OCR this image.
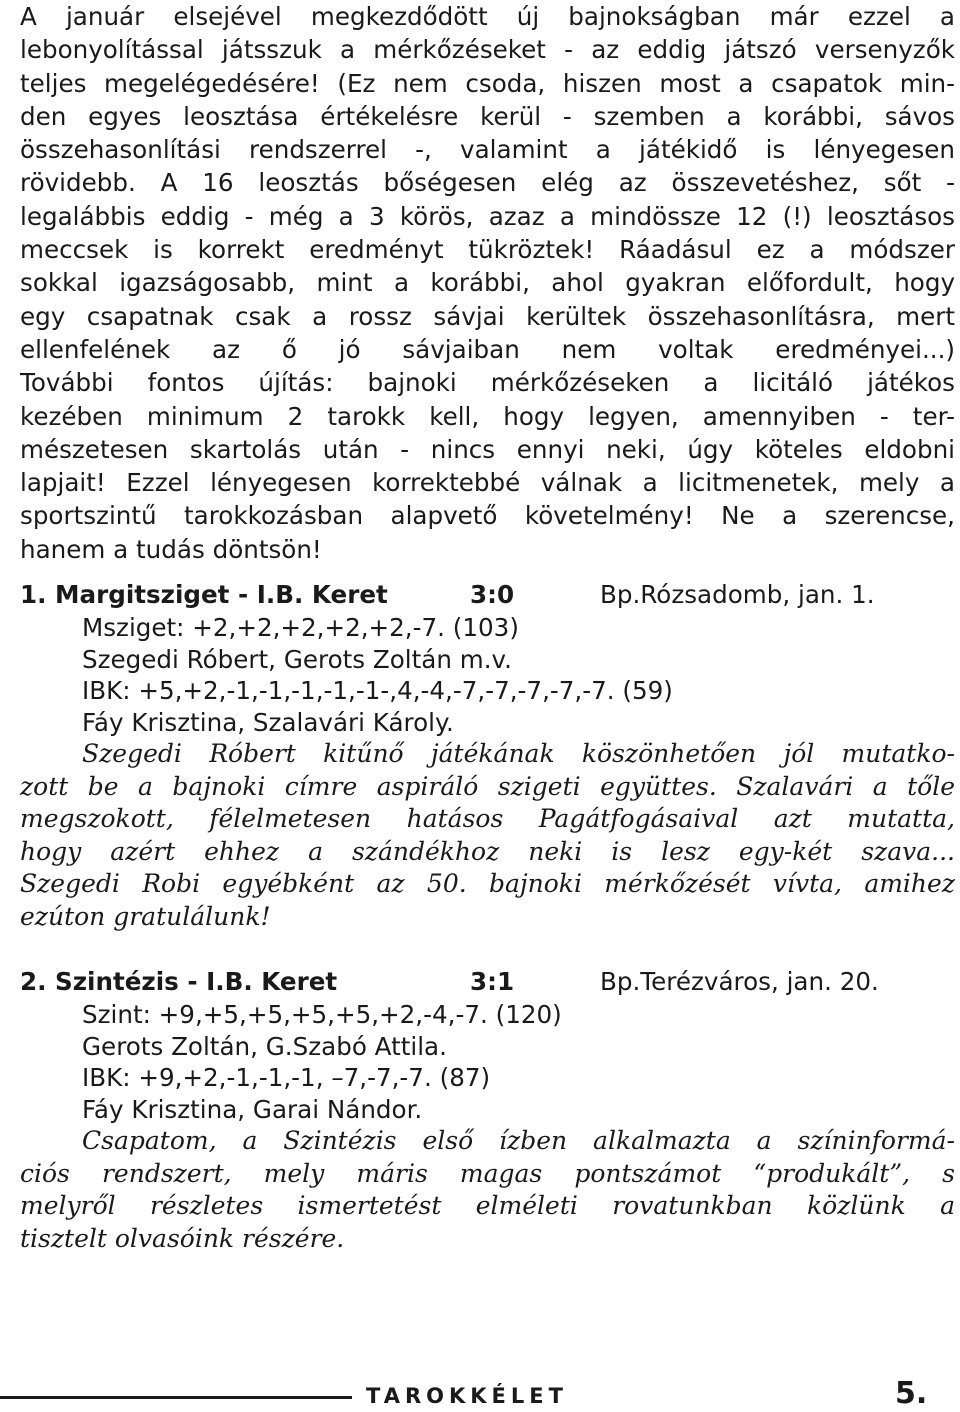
A január elsejével megkezdődött új bajnokságban már ezzel a
lebonyolítással játsszuk a mérkőzéseket - az eddig játszó versenyzők
teljes megelégedésére! (Ez nem csoda, hiszen most a csapatok min-
den egyes leosztása értékelésre kerül - szemben a korábbi, sávos
összehasonlítási rendszerrel -, valamint a játékidő is lényegesen
rövidebb. A 16 leosztás bőségesen elég az összevetéshez, sőt -
legalábbis eddig - még a 3 körös, azaz a mindössze 12 (!) leosztásos
meccsek is korrekt eredményt tükröztek! Ráadásul ez a módszer
sokkal igazságosabb, mint a korábbi, ahol gyakran előfordult, hogy
egy csapatnak csak a rossz sávjai kerültek összehasonlításra, mert
ellenfelének az ő jó sávjaiban nem voltak eredményei...)
További fontos újítás: bajnoki mérkőzéseken a licitáló játékos
kezében minimum 2 tarokk kell, hogy legyen, amennyiben - ter-
mészetesen skartolás után - nincs ennyi neki, úgy köteles eldobni
lapjait! Ezzel lényegesen korrektebbé válnak a licitmenetek, mely a
sportszintű tarokkozásban alapvető követelmény! Ne a szerencse,
hanem a tudás döntsön!

1. Margitsziget - I.B. Keret	3:0	Bp.Rózsadomb, jan. 1.

Msziget: +2,+2,+2,+2,+2,-7. (103)

Szegedi Róbert, Gerots Zoltán m.v.

IBK: +5,+2,-1,-1,-1,-1,-1-,4,-4,-7,-7,-7,-7,-7. (59)

Fáy Krisztina, Szalavári Károly.

Szegedi Róbert kitűnő játékának köszönhetően jól mutatko-
zott be a bajnoki címre aspiráló szigeti együttes. Szalavári a tőle
megszokott, félelmetesen hatásos Pagátfogásaival azt mutatta,
hogy azért ehhez a szándékhoz neki is lesz egy-két szava...
Szegedi Robi egyébként az 50. bajnoki mérkőzését vívta, amihez
ezúton gratulálunk!

2. Szintézis - I.B. Keret	3:1	Bp.Terézváros, jan. 20.

Szint: +9,+5,+5,+5,+5,+2,-4,-7. (120)

Gerots Zoltán, G.Szabó Attila.

IBK: +9,+2,-1,-1,-1, –7,-7,-7. (87)

Fáy Krisztina, Garai Nándor.

Csapatom, a Szintézis első ízben alkalmazta a színinformá-
ciós rendszert, mely máris magas pontszámot “produkált”, s
melyről részletes ismertetést elméleti rovatunkban közlünk a
tisztelt olvasóink részére.

TAROKKÉLET	5.
